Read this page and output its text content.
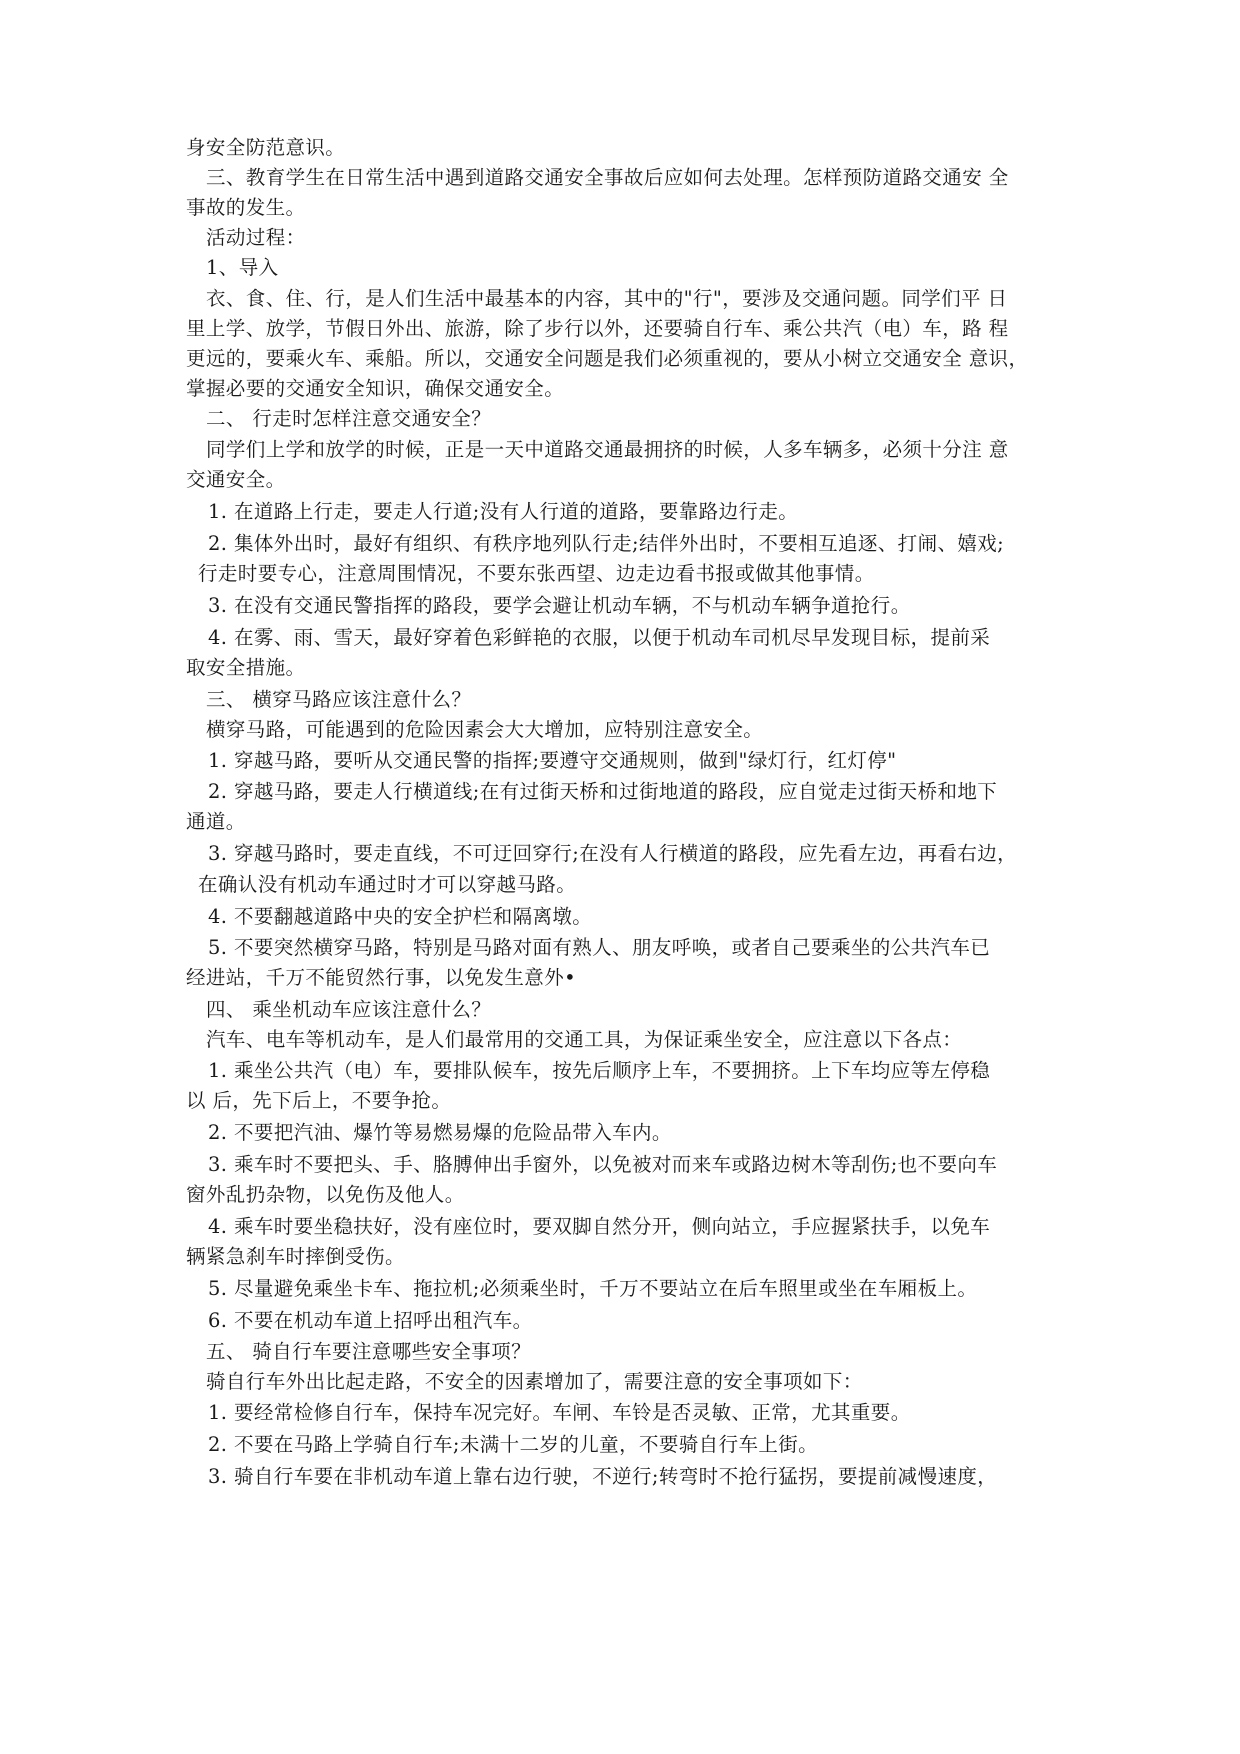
身安全防范意识。

三、教育学生在日常生活中遇到道路交通安全事故后应如何去处理。怎样预防道路交通安 全

事故的发生。

活动过程：

1、导入

衣、食、住、行，是人们生活中最基本的内容，其中的"行"，要涉及交通问题。同学们平 日

里上学、放学，节假日外出、旅游，除了步行以外，还要骑自行车、乘公共汽（电）车，路 程

更远的，要乘火车、乘船。所以，交通安全问题是我们必须重视的，要从小树立交通安全 意识，

掌握必要的交通安全知识，确保交通安全。

二、 行走时怎样注意交通安全？

同学们上学和放学的时候，正是一天中道路交通最拥挤的时候，人多车辆多，必须十分注 意

交通安全。

1. 在道路上行走，要走人行道;没有人行道的道路，要靠路边行走。

2. 集体外出时，最好有组织、有秩序地列队行走;结伴外出时，不要相互追逐、打闹、嬉戏;

行走时要专心，注意周围情况，不要东张西望、边走边看书报或做其他事情。

3. 在没有交通民警指挥的路段，要学会避让机动车辆，不与机动车辆争道抢行。

4. 在雾、雨、雪天，最好穿着色彩鲜艳的衣服，以便于机动车司机尽早发现目标，提前采

取安全措施。

三、 横穿马路应该注意什么？

横穿马路，可能遇到的危险因素会大大增加，应特别注意安全。

1. 穿越马路，要听从交通民警的指挥;要遵守交通规则，做到"绿灯行，红灯停"

2. 穿越马路，要走人行横道线;在有过街天桥和过街地道的路段，应自觉走过街天桥和地下

通道。

3. 穿越马路时，要走直线，不可迂回穿行;在没有人行横道的路段，应先看左边，再看右边，

在确认没有机动车通过时才可以穿越马路。

4. 不要翻越道路中央的安全护栏和隔离墩。

5. 不要突然横穿马路，特别是马路对面有熟人、朋友呼唤，或者自己要乘坐的公共汽车已

经进站，千万不能贸然行事，以免发生意外•

四、 乘坐机动车应该注意什么？

汽车、电车等机动车，是人们最常用的交通工具，为保证乘坐安全，应注意以下各点：

1. 乘坐公共汽（电）车，要排队候车，按先后顺序上车，不要拥挤。上下车均应等左停稳

以 后，先下后上，不要争抢。

2. 不要把汽油、爆竹等易燃易爆的危险品带入车内。

3. 乘车时不要把头、手、胳膊伸出手窗外，以免被对而来车或路边树木等刮伤;也不要向车

窗外乱扔杂物，以免伤及他人。

4. 乘车时要坐稳扶好，没有座位时，要双脚自然分开，侧向站立，手应握紧扶手，以免车

辆紧急刹车时摔倒受伤。

5. 尽量避免乘坐卡车、拖拉机;必须乘坐时，千万不要站立在后车照里或坐在车厢板上。

6. 不要在机动车道上招呼出租汽车。

五、 骑自行车要注意哪些安全事项？

骑自行车外出比起走路，不安全的因素增加了，需要注意的安全事项如下：

1. 要经常检修自行车，保持车况完好。车闸、车铃是否灵敏、正常，尤其重要。

2. 不要在马路上学骑自行车;未满十二岁的儿童，不要骑自行车上街。

3. 骑自行车要在非机动车道上靠右边行驶，不逆行;转弯时不抢行猛拐，要提前减慢速度，
